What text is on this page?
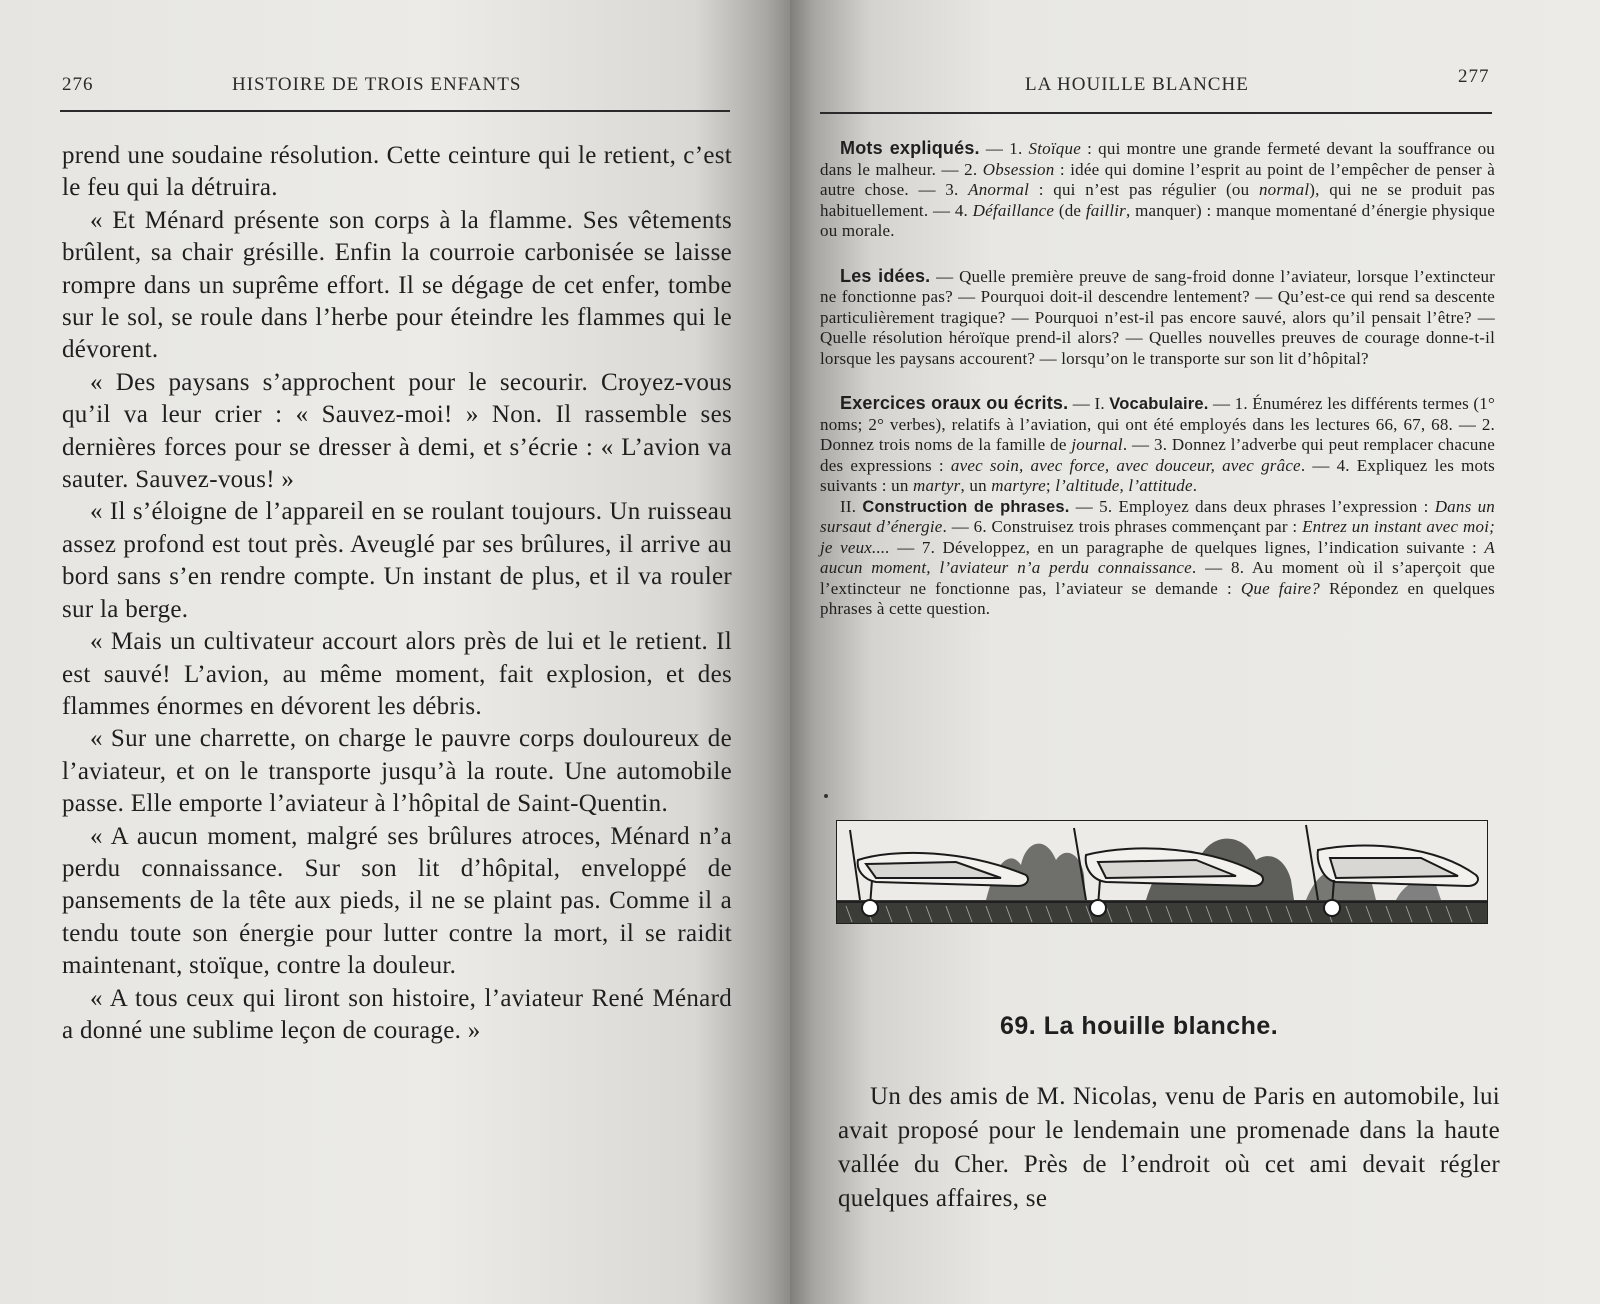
276	HISTOIRE DE TROIS ENFANTS

prend une soudaine résolution. Cette ceinture qui le retient, c’est le feu qui la détruira.

« Et Ménard présente son corps à la flamme. Ses vêtements brûlent, sa chair grésille. Enfin la courroie carbonisée se laisse rompre dans un suprême effort. Il se dégage de cet enfer, tombe sur le sol, se roule dans l’herbe pour éteindre les flammes qui le dévorent.

« Des paysans s’approchent pour le secourir. Croyez-vous qu’il va leur crier : « Sauvez-moi! » Non. Il rassemble ses dernières forces pour se dresser à demi, et s’écrie : « L’avion va sauter. Sauvez-vous! »

« Il s’éloigne de l’appareil en se roulant toujours. Un ruisseau assez profond est tout près. Aveuglé par ses brûlures, il arrive au bord sans s’en rendre compte. Un instant de plus, et il va rouler sur la berge.

« Mais un cultivateur accourt alors près de lui et le retient. Il est sauvé! L’avion, au même moment, fait explosion, et des flammes énormes en dévorent les débris.

« Sur une charrette, on charge le pauvre corps douloureux de l’aviateur, et on le transporte jusqu’à la route. Une automobile passe. Elle emporte l’aviateur à l’hôpital de Saint-Quentin.

« A aucun moment, malgré ses brûlures atroces, Ménard n’a perdu connaissance. Sur son lit d’hôpital, enveloppé de pansements de la tête aux pieds, il ne se plaint pas. Comme il a tendu toute son énergie pour lutter contre la mort, il se raidit maintenant, stoïque, contre la douleur.

« A tous ceux qui liront son histoire, l’aviateur René Ménard a donné une sublime leçon de courage. »

LA HOUILLE BLANCHE	277

Mots expliqués. — 1. Stoïque : qui montre une grande fermeté devant la souffrance ou dans le malheur. — 2. Obsession : idée qui domine l’esprit au point de l’empêcher de penser à autre chose. — 3. Anormal : qui n’est pas régulier (ou normal), qui ne se produit pas habituellement. — 4. Défaillance (de faillir, manquer) : manque momentané d’énergie physique ou morale.

Les idées. — Quelle première preuve de sang-froid donne l’aviateur, lorsque l’extincteur ne fonctionne pas? — Pourquoi doit-il descendre lentement? — Qu’est-ce qui rend sa descente particulièrement tragique? — Pourquoi n’est-il pas encore sauvé, alors qu’il pensait l’être? — Quelle résolution héroïque prend-il alors? — Quelles nouvelles preuves de courage donne-t-il lorsque les paysans accourent? — lorsqu’on le transporte sur son lit d’hôpital?

Exercices oraux ou écrits. — I. Vocabulaire. — 1. Énumérez les différents termes (1° noms; 2° verbes), relatifs à l’aviation, qui ont été employés dans les lectures 66, 67, 68. — 2. Donnez trois noms de la famille de journal. — 3. Donnez l’adverbe qui peut remplacer chacune des expressions : avec soin, avec force, avec douceur, avec grâce. — 4. Expliquez les mots suivants : un martyr, un martyre; l’altitude, l’attitude.

II. Construction de phrases. — 5. Employez dans deux phrases l’expression : Dans un sursaut d’énergie. — 6. Construisez trois phrases commençant par : Entrez un instant avec moi; je veux.... — 7. Développez, en un paragraphe de quelques lignes, l’indication suivante : A aucun moment, l’aviateur n’a perdu connaissance. — 8. Au moment où il s’aperçoit que l’extincteur ne fonctionne pas, l’aviateur se demande : Que faire? Répondez en quelques phrases à cette question.

69. La houille blanche.

Un des amis de M. Nicolas, venu de Paris en automobile, lui avait proposé pour le lendemain une promenade dans la haute vallée du Cher. Près de l’endroit où cet ami devait régler quelques affaires, se
